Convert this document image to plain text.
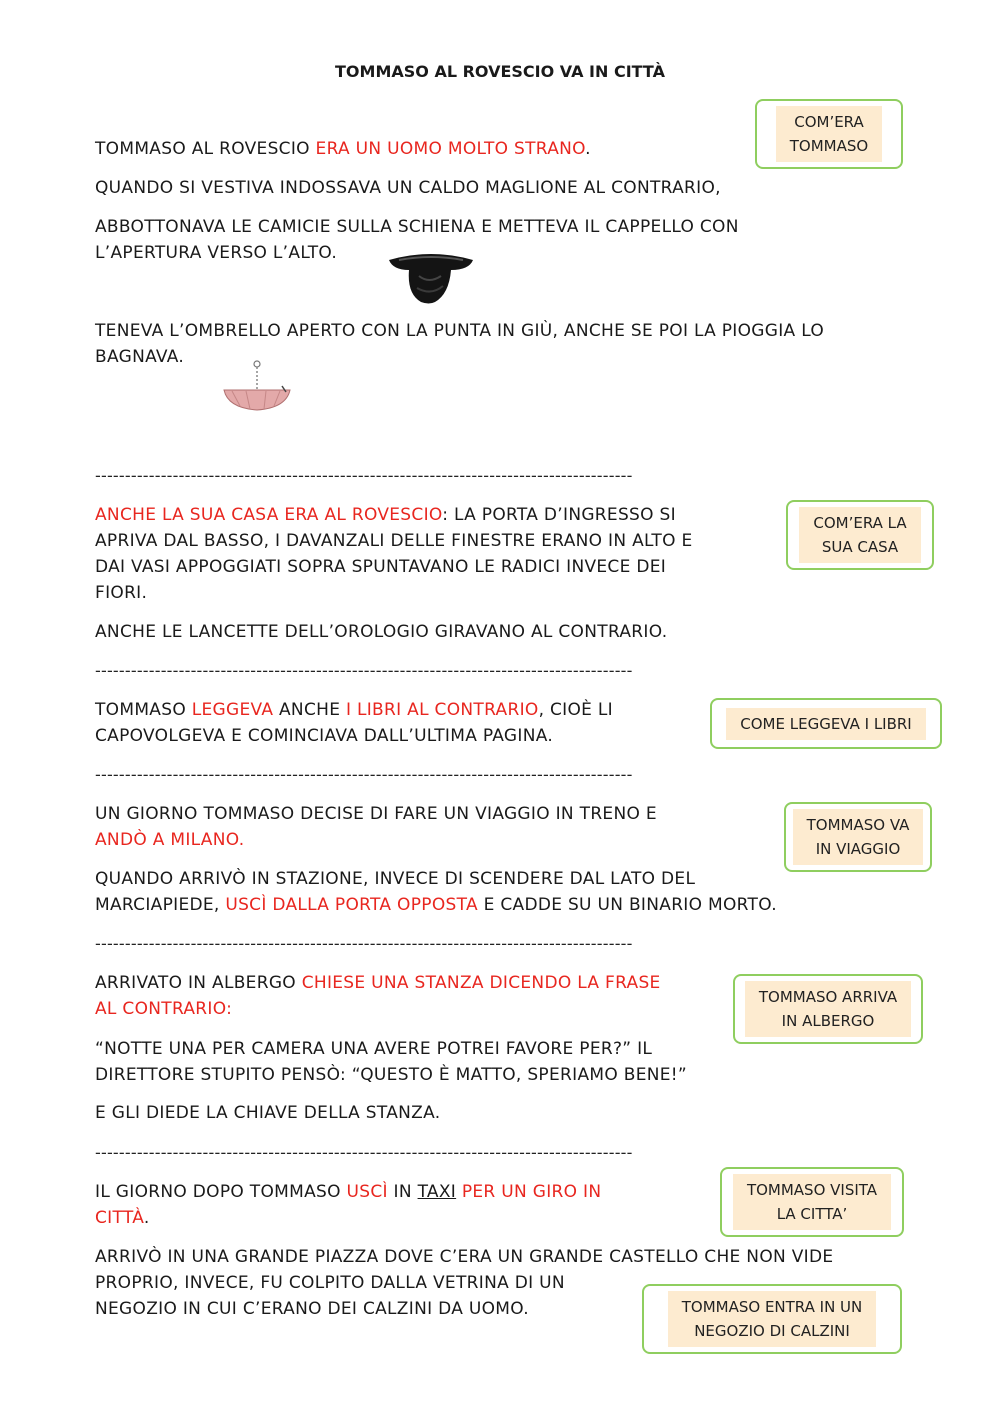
TOMMASO AL ROVESCIO VA IN CITTÀ
TOMMASO AL ROVESCIO ERA UN UOMO MOLTO STRANO.
QUANDO SI VESTIVA INDOSSAVA UN CALDO MAGLIONE AL CONTRARIO,
ABBOTTONAVA LE CAMICIE SULLA SCHIENA E METTEVA IL CAPPELLO CON
L’APERTURA VERSO L’ALTO.
TENEVA L’OMBRELLO APERTO CON LA PUNTA IN GIÙ, ANCHE SE POI LA PIOGGIA LO
BAGNAVA.
------------------------------------------------------------------------------------------
ANCHE LA SUA CASA ERA AL ROVESCIO: LA PORTA D’INGRESSO SI
APRIVA DAL BASSO, I DAVANZALI DELLE FINESTRE ERANO IN ALTO E
DAI VASI APPOGGIATI SOPRA SPUNTAVANO LE RADICI INVECE DEI
FIORI.
ANCHE LE LANCETTE DELL’OROLOGIO GIRAVANO AL CONTRARIO.
------------------------------------------------------------------------------------------
TOMMASO LEGGEVA ANCHE I LIBRI AL CONTRARIO, CIOÈ LI
CAPOVOLGEVA E COMINCIAVA DALL’ULTIMA PAGINA.
------------------------------------------------------------------------------------------
UN GIORNO TOMMASO DECISE DI FARE UN VIAGGIO IN TRENO E
ANDÒ A MILANO.
QUANDO ARRIVÒ IN STAZIONE, INVECE DI SCENDERE DAL LATO DEL
MARCIAPIEDE, USCÌ DALLA PORTA OPPOSTA E CADDE SU UN BINARIO MORTO.
------------------------------------------------------------------------------------------
ARRIVATO IN ALBERGO CHIESE UNA STANZA DICENDO LA FRASE
AL CONTRARIO:
“NOTTE UNA PER CAMERA UNA AVERE POTREI FAVORE PER?” IL
DIRETTORE STUPITO PENSÒ: “QUESTO È MATTO, SPERIAMO BENE!”
E GLI DIEDE LA CHIAVE DELLA STANZA.
------------------------------------------------------------------------------------------
IL GIORNO DOPO TOMMASO USCÌ IN TAXI PER UN GIRO IN
CITTÀ.
ARRIVÒ IN UNA GRANDE PIAZZA DOVE C’ERA UN GRANDE CASTELLO CHE NON VIDE
PROPRIO, INVECE, FU COLPITO DALLA VETRINA DI UN
NEGOZIO IN CUI C’ERANO DEI CALZINI DA UOMO.
COM’ERA
TOMMASO
COM’ERA LA
SUA CASA
COME LEGGEVA I LIBRI
TOMMASO VA
IN VIAGGIO
TOMMASO ARRIVA
IN ALBERGO
TOMMASO VISITA
LA CITTA’
TOMMASO ENTRA IN UN
NEGOZIO DI CALZINI
